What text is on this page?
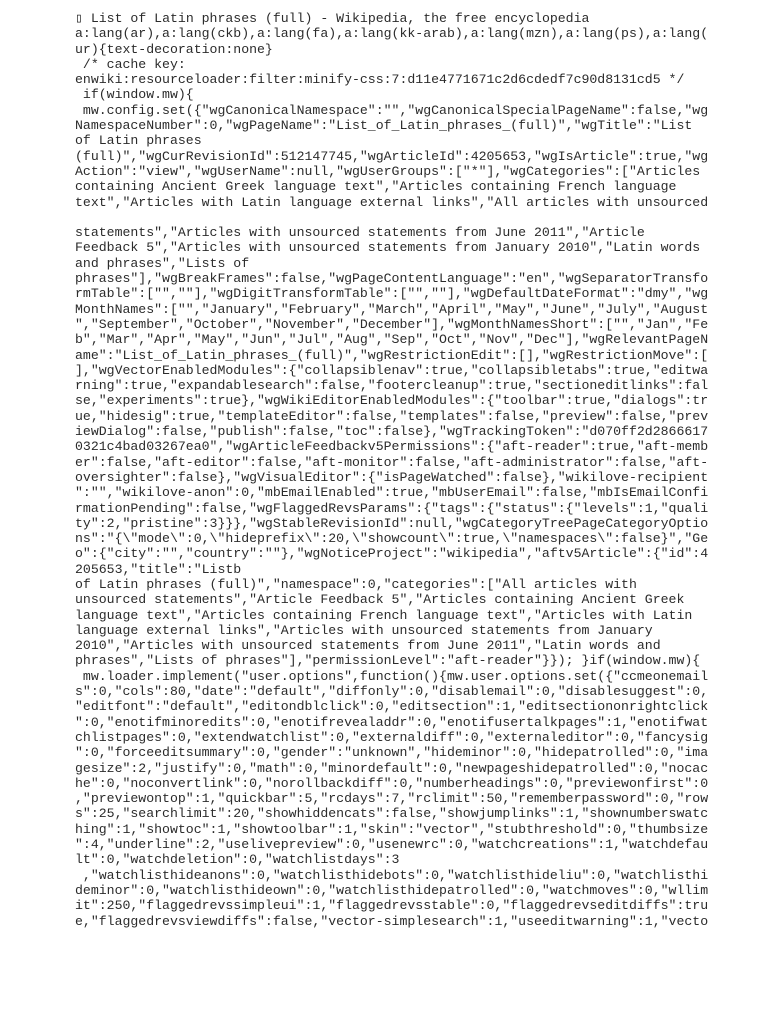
▯ List of Latin phrases (full) - Wikipedia, the free encyclopedia
a:lang(ar),a:lang(ckb),a:lang(fa),a:lang(kk-arab),a:lang(mzn),a:lang(ps),a:lang(
ur){text-decoration:none}
/* cache key:
enwiki:resourceloader:filter:minify-css:7:d11e4771671c2d6cdedf7c90d8131cd5 */
if(window.mw){
mw.config.set({"wgCanonicalNamespace":"","wgCanonicalSpecialPageName":false,"wg
NamespaceNumber":0,"wgPageName":"List_of_Latin_phrases_(full)","wgTitle":"List
of Latin phrases
(full)","wgCurRevisionId":512147745,"wgArticleId":4205653,"wgIsArticle":true,"wg
Action":"view","wgUserName":null,"wgUserGroups":["*"],"wgCategories":["Articles
containing Ancient Greek language text","Articles containing French language
text","Articles with Latin language external links","All articles with unsourced

statements","Articles with unsourced statements from June 2011","Article
Feedback 5","Articles with unsourced statements from January 2010","Latin words
and phrases","Lists of
phrases"],"wgBreakFrames":false,"wgPageContentLanguage":"en","wgSeparatorTransfo
rmTable":["",""],"wgDigitTransformTable":["",""],"wgDefaultDateFormat":"dmy","wg
MonthNames":["","January","February","March","April","May","June","July","August
","September","October","November","December"],"wgMonthNamesShort":["","Jan","Fe
b","Mar","Apr","May","Jun","Jul","Aug","Sep","Oct","Nov","Dec"],"wgRelevantPageN
ame":"List_of_Latin_phrases_(full)","wgRestrictionEdit":[],"wgRestrictionMove":[
],"wgVectorEnabledModules":{"collapsiblenav":true,"collapsibletabs":true,"editwa
rning":true,"expandablesearch":false,"footercleanup":true,"sectioneditlinks":fal
se,"experiments":true},"wgWikiEditorEnabledModules":{"toolbar":true,"dialogs":tr
ue,"hidesig":true,"templateEditor":false,"templates":false,"preview":false,"prev
iewDialog":false,"publish":false,"toc":false},"wgTrackingToken":"d070ff2d2866617
0321c4bad03267ea0","wgArticleFeedbackv5Permissions":{"aft-reader":true,"aft-memb
er":false,"aft-editor":false,"aft-monitor":false,"aft-administrator":false,"aft-
oversighter":false},"wgVisualEditor":{"isPageWatched":false},"wikilove-recipient
":"","wikilove-anon":0,"mbEmailEnabled":true,"mbUserEmail":false,"mbIsEmailConfi
rmationPending":false,"wgFlaggedRevsParams":{"tags":{"status":{"levels":1,"quali
ty":2,"pristine":3}}},"wgStableRevisionId":null,"wgCategoryTreePageCategoryOptio
ns":"{\"mode\":0,\"hideprefix\":20,\"showcount\":true,\"namespaces\":false}","Ge
o":{"city":"","country":""},"wgNoticeProject":"wikipedia","aftv5Article":{"id":4
205653,"title":"Listb
of Latin phrases (full)","namespace":0,"categories":["All articles with
unsourced statements","Article Feedback 5","Articles containing Ancient Greek
language text","Articles containing French language text","Articles with Latin
language external links","Articles with unsourced statements from January
2010","Articles with unsourced statements from June 2011","Latin words and
phrases","Lists of phrases"],"permissionLevel":"aft-reader"}}); }if(window.mw){
mw.loader.implement("user.options",function(){mw.user.options.set({"ccmeonemail
s":0,"cols":80,"date":"default","diffonly":0,"disablemail":0,"disablesuggest":0,
"editfont":"default","editondblclick":0,"editsection":1,"editsectiononrightclick
":0,"enotifminoredits":0,"enotifrevealaddr":0,"enotifusertalkpages":1,"enotifwat
chlistpages":0,"extendwatchlist":0,"externaldiff":0,"externaleditor":0,"fancysig
":0,"forceeditsummary":0,"gender":"unknown","hideminor":0,"hidepatrolled":0,"ima
gesize":2,"justify":0,"math":0,"minordefault":0,"newpageshidepatrolled":0,"nocac
he":0,"noconvertlink":0,"norollbackdiff":0,"numberheadings":0,"previewonfirst":0
,"previewontop":1,"quickbar":5,"rcdays":7,"rclimit":50,"rememberpassword":0,"row
s":25,"searchlimit":20,"showhiddencats":false,"showjumplinks":1,"shownumberswatc
hing":1,"showtoc":1,"showtoolbar":1,"skin":"vector","stubthreshold":0,"thumbsize
":4,"underline":2,"uselivepreview":0,"usenewrc":0,"watchcreations":1,"watchdefau
lt":0,"watchdeletion":0,"watchlistdays":3
,"watchlisthideanons":0,"watchlisthidebots":0,"watchlisthideliu":0,"watchlisthi
deminor":0,"watchlisthideown":0,"watchlisthidepatrolled":0,"watchmoves":0,"wllim
it":250,"flaggedrevssimpleui":1,"flaggedrevsstable":0,"flaggedrevseditdiffs":tru
e,"flaggedrevsviewdiffs":false,"vector-simplesearch":1,"useeditwarning":1,"vecto
